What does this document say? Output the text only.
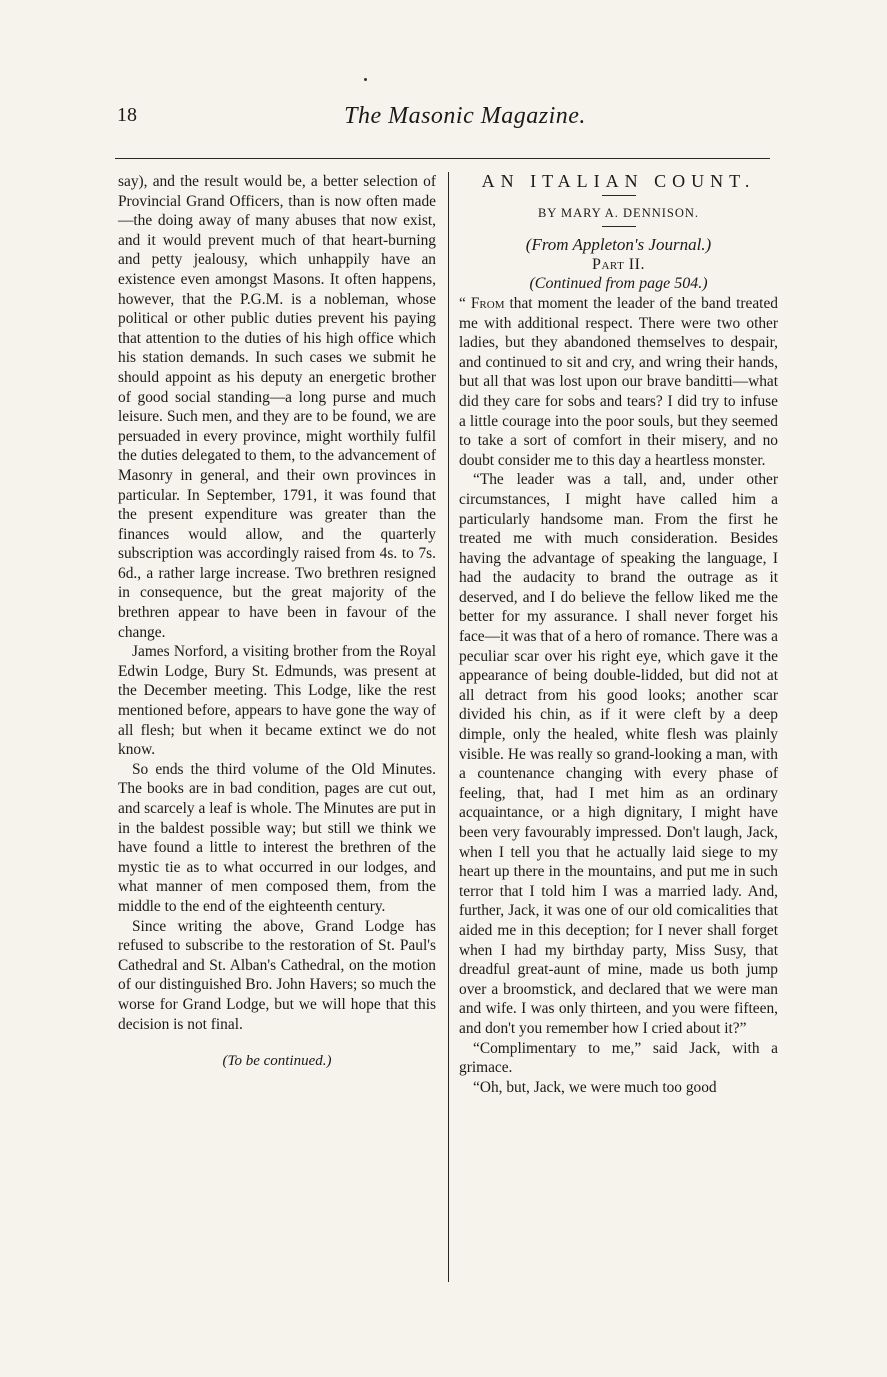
18	The Masonic Magazine.

say), and the result would be, a better selection of Provincial Grand Officers, than is now often made—the doing away of many abuses that now exist, and it would prevent much of that heart-burning and petty jealousy, which unhappily have an existence even amongst Masons. It often happens, however, that the P.G.M. is a nobleman, whose political or other public duties prevent his paying that attention to the duties of his high office which his station demands. In such cases we submit he should appoint as his deputy an energetic brother of good social standing—a long purse and much leisure. Such men, and they are to be found, we are persuaded in every province, might worthily fulfil the duties delegated to them, to the advancement of Masonry in general, and their own provinces in particular. In September, 1791, it was found that the present expenditure was greater than the finances would allow, and the quarterly subscription was accordingly raised from 4s. to 7s. 6d., a rather large increase. Two brethren resigned in consequence, but the great majority of the brethren appear to have been in favour of the change.

James Norford, a visiting brother from the Royal Edwin Lodge, Bury St. Edmunds, was present at the December meeting. This Lodge, like the rest mentioned before, appears to have gone the way of all flesh; but when it became extinct we do not know.

So ends the third volume of the Old Minutes. The books are in bad condition, pages are cut out, and scarcely a leaf is whole. The Minutes are put in in the baldest possible way; but still we think we have found a little to interest the brethren of the mystic tie as to what occurred in our lodges, and what manner of men composed them, from the middle to the end of the eighteenth century.

Since writing the above, Grand Lodge has refused to subscribe to the restoration of St. Paul's Cathedral and St. Alban's Cathedral, on the motion of our distinguished Bro. John Havers; so much the worse for Grand Lodge, but we will hope that this decision is not final.

(To be continued.)

AN ITALIAN COUNT.

BY MARY A. DENNISON.

(From Appleton's Journal.)

Part II.

(Continued from page 504.)

“ From that moment the leader of the band treated me with additional respect. There were two other ladies, but they abandoned themselves to despair, and continued to sit and cry, and wring their hands, but all that was lost upon our brave banditti—what did they care for sobs and tears? I did try to infuse a little courage into the poor souls, but they seemed to take a sort of comfort in their misery, and no doubt consider me to this day a heartless monster.

“The leader was a tall, and, under other circumstances, I might have called him a particularly handsome man. From the first he treated me with much consideration. Besides having the advantage of speaking the language, I had the audacity to brand the outrage as it deserved, and I do believe the fellow liked me the better for my assurance. I shall never forget his face—it was that of a hero of romance. There was a peculiar scar over his right eye, which gave it the appearance of being double-lidded, but did not at all detract from his good looks; another scar divided his chin, as if it were cleft by a deep dimple, only the healed, white flesh was plainly visible. He was really so grand-looking a man, with a countenance changing with every phase of feeling, that, had I met him as an ordinary acquaintance, or a high dignitary, I might have been very favourably impressed. Don't laugh, Jack, when I tell you that he actually laid siege to my heart up there in the mountains, and put me in such terror that I told him I was a married lady. And, further, Jack, it was one of our old comicalities that aided me in this deception; for I never shall forget when I had my birthday party, Miss Susy, that dreadful great-aunt of mine, made us both jump over a broomstick, and declared that we were man and wife. I was only thirteen, and you were fifteen, and don't you remember how I cried about it?”

“Complimentary to me,” said Jack, with a grimace.

“Oh, but, Jack, we were much too good
